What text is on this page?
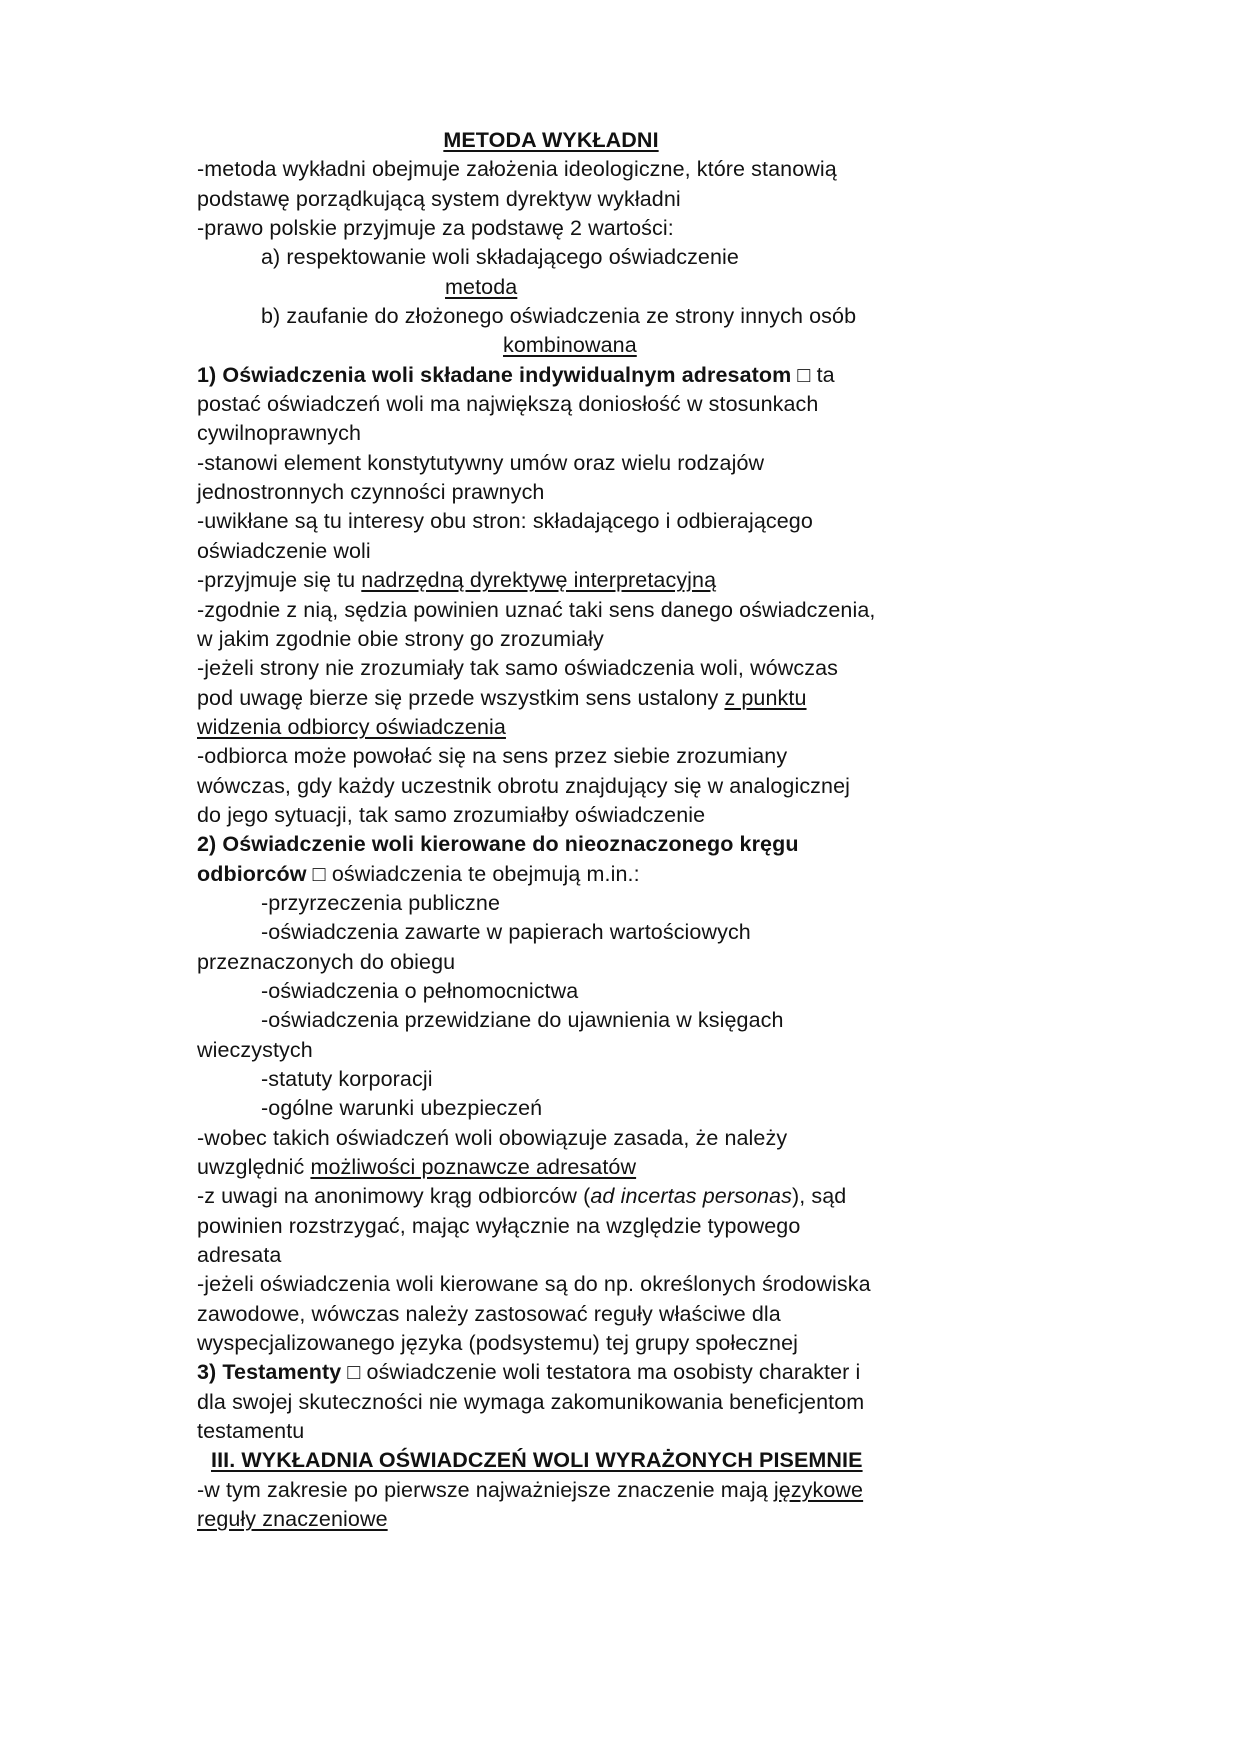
METODA WYKŁADNI
-metoda wykładni obejmuje założenia ideologiczne, które stanowią
podstawę porządkującą system dyrektyw wykładni
-prawo polskie przyjmuje za podstawę 2 wartości:
a) respektowanie woli składającego oświadczenie
metoda
b) zaufanie do złożonego oświadczenia ze strony innych osób
kombinowana
1) Oświadczenia woli składane indywidualnym adresatom □ ta
postać oświadczeń woli ma największą doniosłość w stosunkach
cywilnoprawnych
-stanowi element konstytutywny umów oraz wielu rodzajów
jednostronnych czynności prawnych
-uwikłane są tu interesy obu stron: składającego i odbierającego
oświadczenie woli
-przyjmuje się tu nadrzędną dyrektywę interpretacyjną
-zgodnie z nią, sędzia powinien uznać taki sens danego oświadczenia,
w jakim zgodnie obie strony go zrozumiały
-jeżeli strony nie zrozumiały tak samo oświadczenia woli, wówczas
pod uwagę bierze się przede wszystkim sens ustalony z punktu
widzenia odbiorcy oświadczenia
-odbiorca może powołać się na sens przez siebie zrozumiany
wówczas, gdy każdy uczestnik obrotu znajdujący się w analogicznej
do jego sytuacji, tak samo zrozumiałby oświadczenie
2) Oświadczenie woli kierowane do nieoznaczonego kręgu
odbiorców □ oświadczenia te obejmują m.in.:
-przyrzeczenia publiczne
-oświadczenia zawarte w papierach wartościowych
przeznaczonych do obiegu
-oświadczenia o pełnomocnictwa
-oświadczenia przewidziane do ujawnienia w księgach
wieczystych
-statuty korporacji
-ogólne warunki ubezpieczeń
-wobec takich oświadczeń woli obowiązuje zasada, że należy
uwzględnić możliwości poznawcze adresatów
-z uwagi na anonimowy krąg odbiorców (ad incertas personas), sąd
powinien rozstrzygać, mając wyłącznie na względzie typowego
adresata
-jeżeli oświadczenia woli kierowane są do np. określonych środowiska
zawodowe, wówczas należy zastosować reguły właściwe dla
wyspecjalizowanego języka (podsystemu) tej grupy społecznej
3) Testamenty □ oświadczenie woli testatora ma osobisty charakter i
dla swojej skuteczności nie wymaga zakomunikowania beneficjentom
testamentu
III. WYKŁADNIA OŚWIADCZEŃ WOLI WYRAŻONYCH PISEMNIE
-w tym zakresie po pierwsze najważniejsze znaczenie mają językowe
reguły znaczeniowe
